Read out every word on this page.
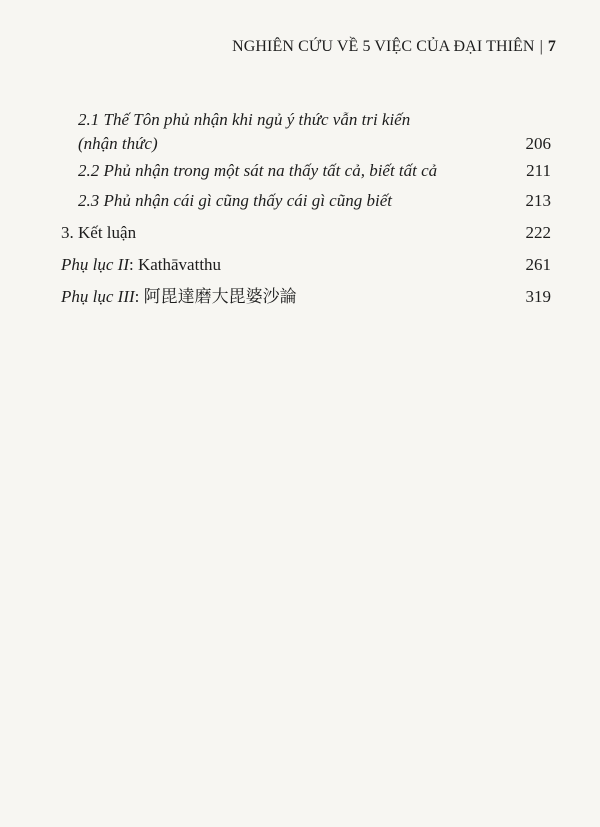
NGHIÊN CỨU VỀ 5 VIỆC CỦA ĐẠI THIÊN | 7
2.1 Thế Tôn phủ nhận khi ngủ ý thức vẫn tri kiến
(nhận thức)	206
2.2 Phủ nhận trong một sát na thấy tất cả, biết tất cả	211
2.3 Phủ nhận cái gì cũng thấy cái gì cũng biết	213
3. Kết luận	222
Phụ lục II: Kathāvatthu	261
Phụ lục III: 阿毘達磨大毘婆沙論	319
